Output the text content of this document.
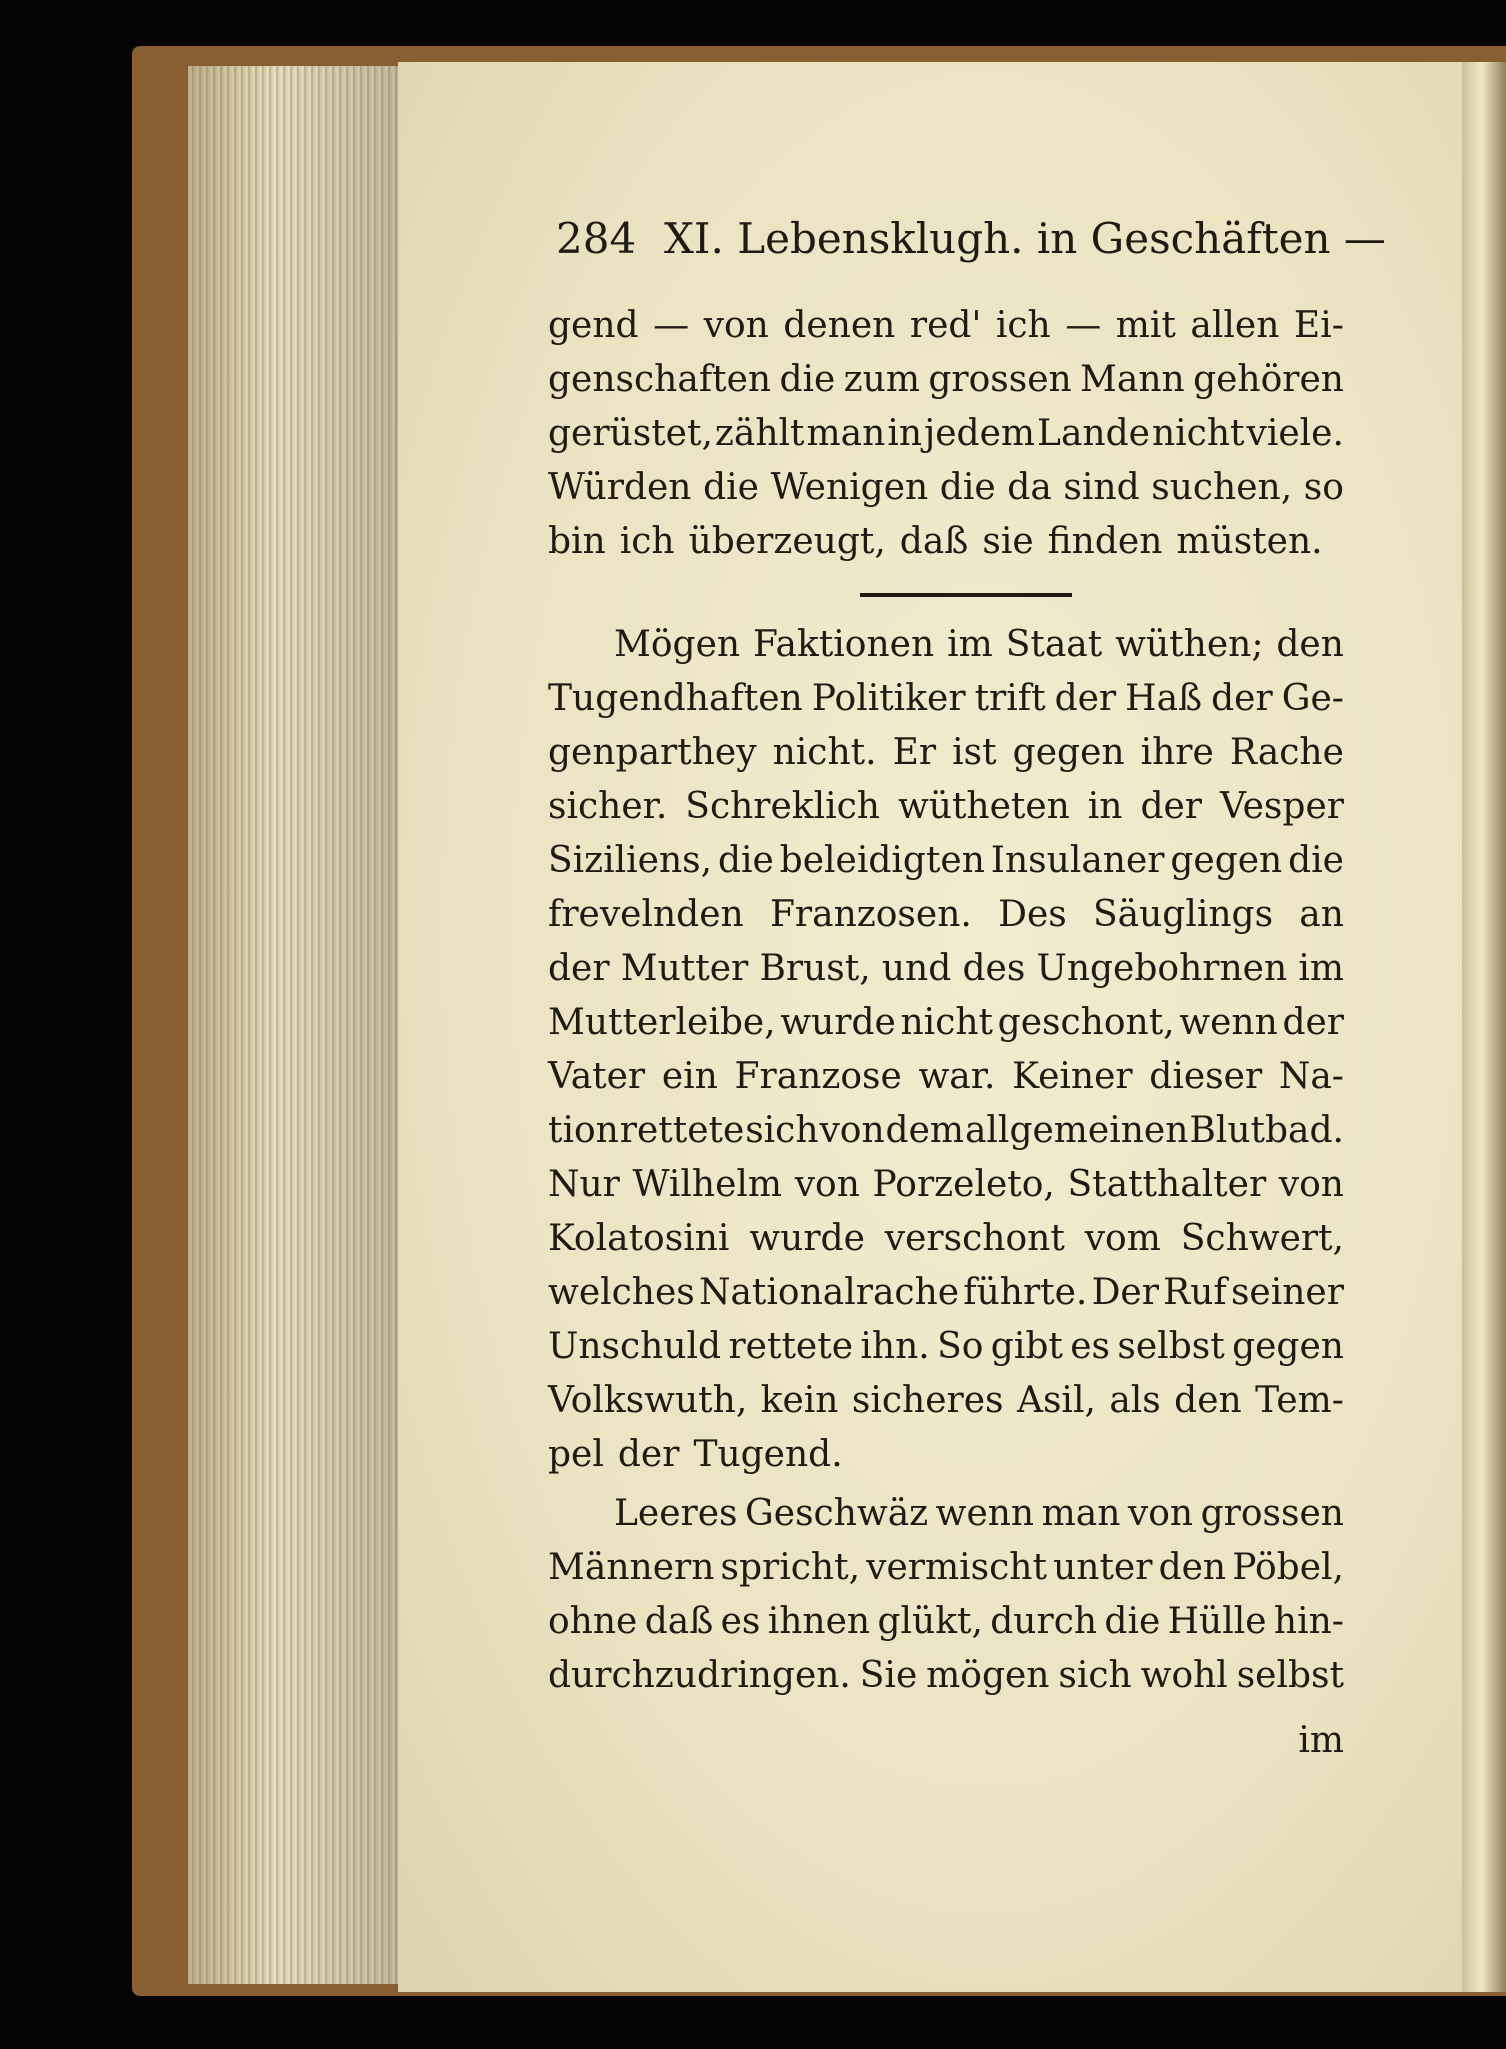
284 XI. Lebensklugh. in Geschäften —
gend — von denen red' ich — mit allen Ei-
genschaften die zum grossen Mann gehören
gerüstet, zählt man in jedem Lande nicht viele.
Würden die Wenigen die da sind suchen, so
bin ich überzeugt, daß sie finden müsten.
Mögen Faktionen im Staat wüthen; den
Tugendhaften Politiker trift der Haß der Ge-
genparthey nicht. Er ist gegen ihre Rache
sicher. Schreklich wütheten in der Vesper
Siziliens, die beleidigten Insulaner gegen die
frevelnden Franzosen. Des Säuglings an
der Mutter Brust, und des Ungebohrnen im
Mutterleibe, wurde nicht geschont, wenn der
Vater ein Franzose war. Keiner dieser Na-
tion rettete sich von dem allgemeinen Blutbad.
Nur Wilhelm von Porzeleto, Statthalter von
Kolatosini wurde verschont vom Schwert,
welches Nationalrache führte. Der Ruf seiner
Unschuld rettete ihn. So gibt es selbst gegen
Volkswuth, kein sicheres Asil, als den Tem-
pel der Tugend.
Leeres Geschwäz wenn man von grossen
Männern spricht, vermischt unter den Pöbel,
ohne daß es ihnen glükt, durch die Hülle hin-
durchzudringen. Sie mögen sich wohl selbst
im
